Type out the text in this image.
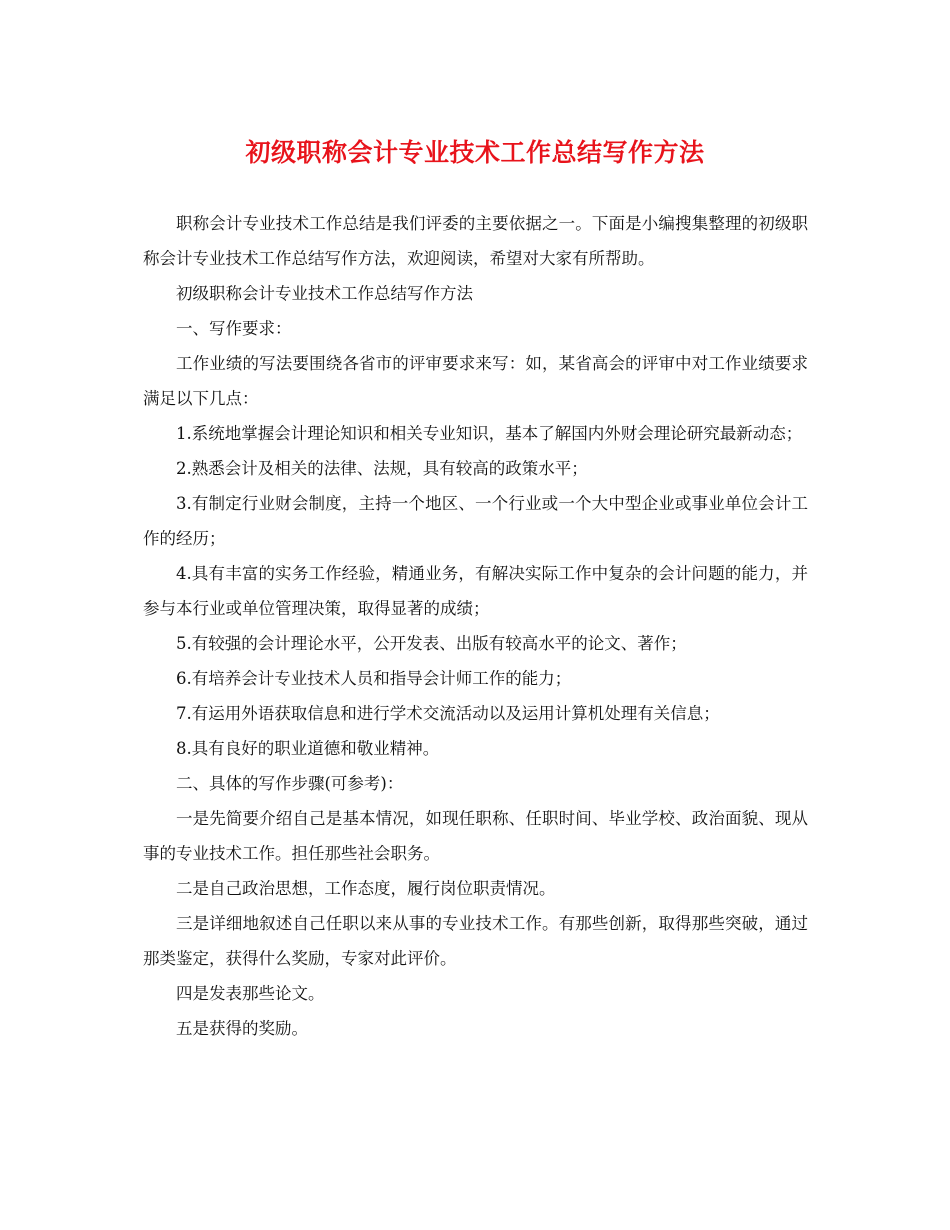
初级职称会计专业技术工作总结写作方法

职称会计专业技术工作总结是我们评委的主要依据之一。下面是小编搜集整理的初级职称会计专业技术工作总结写作方法，欢迎阅读，希望对大家有所帮助。

初级职称会计专业技术工作总结写作方法

一、写作要求：

工作业绩的写法要围绕各省市的评审要求来写：如，某省高会的评审中对工作业绩要求满足以下几点：

1.系统地掌握会计理论知识和相关专业知识，基本了解国内外财会理论研究最新动态；

2.熟悉会计及相关的法律、法规，具有较高的政策水平；

3.有制定行业财会制度，主持一个地区、一个行业或一个大中型企业或事业单位会计工作的经历；

4.具有丰富的实务工作经验，精通业务，有解决实际工作中复杂的会计问题的能力，并参与本行业或单位管理决策，取得显著的成绩；

5.有较强的会计理论水平，公开发表、出版有较高水平的论文、著作；

6.有培养会计专业技术人员和指导会计师工作的能力；

7.有运用外语获取信息和进行学术交流活动以及运用计算机处理有关信息；

8.具有良好的职业道德和敬业精神。

二、具体的写作步骤(可参考)：

一是先简要介绍自己是基本情况，如现任职称、任职时间、毕业学校、政治面貌、现从事的专业技术工作。担任那些社会职务。

二是自己政治思想，工作态度，履行岗位职责情况。

三是详细地叙述自己任职以来从事的专业技术工作。有那些创新，取得那些突破，通过那类鉴定，获得什么奖励，专家对此评价。

四是发表那些论文。

五是获得的奖励。
